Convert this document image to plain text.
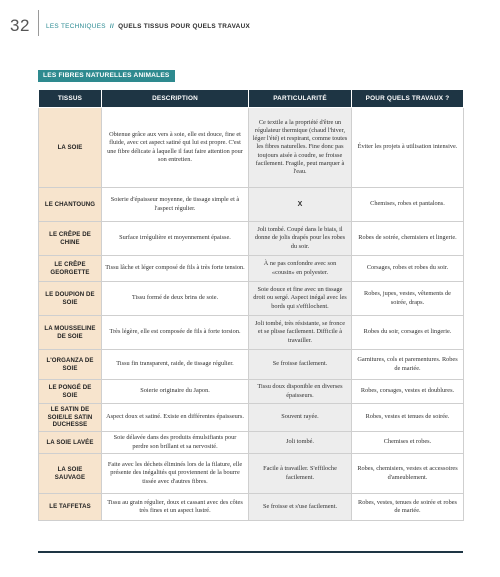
32	LES TECHNIQUES // QUELS TISSUS POUR QUELS TRAVAUX
LES FIBRES NATURELLES ANIMALES
TISSUS	DESCRIPTION	PARTICULARITÉ	POUR QUELS TRAVAUX ?
LA SOIE	Obtenue grâce aux vers à soie, elle est douce, fine et fluide, avec cet aspect satiné qui lui est propre. C'est une fibre délicate à laquelle il faut faire attention pour son entretien.	Ce textile a la propriété d'être un régulateur thermique (chaud l'hiver, léger l'été) et respirant, comme toutes les fibres naturelles. Fine donc pas toujours aisée à coudre, se froisse facilement. Fragile, peut marquer à l'eau.	Éviter les projets à utilisation intensive.
LE CHANTOUNG	Soierie d'épaisseur moyenne, de tissage simple et à l'aspect régulier.	X	Chemises, robes et pantalons.
LE CRÊPE DE CHINE	Surface irrégulière et moyennement épaisse.	Joli tombé. Coupé dans le biais, il donne de jolis drapés pour les robes du soir.	Robes de soirée, chemisiers et lingerie.
LE CRÊPE GEORGETTE	Tissu lâche et léger composé de fils à très forte tension.	À ne pas confondre avec son «cousin» en polyester.	Corsages, robes et robes du soir.
LE DOUPION DE SOIE	Tissu formé de deux brins de soie.	Soie douce et fine avec un tissage droit ou sergé. Aspect inégal avec les bords qui s'effilochent.	Robes, jupes, vestes, vêtements de soirée, draps.
LA MOUSSELINE DE SOIE	Très légère, elle est composée de fils à forte torsion.	Joli tombé, très résistante, se fronce et se plisse facilement. Difficile à travailler.	Robes du soir, corsages et lingerie.
L'ORGANZA DE SOIE	Tissu fin transparent, raide, de tissage régulier.	Se froisse facilement.	Garnitures, cols et parementures. Robes de mariée.
LE PONGÉ DE SOIE	Soierie originaire du Japon.	Tissu doux disponible en diverses épaisseurs.	Robes, corsages, vestes et doublures.
LE SATIN DE SOIE/LE SATIN DUCHESSE	Aspect doux et satiné. Existe en différentes épaisseurs.	Souvent rayée.	Robes, vestes et tenues de soirée.
LA SOIE LAVÉE	Soie délavée dans des produits émulsifiants pour perdre son brillant et sa nervosité.	Joli tombé.	Chemises et robes.
LA SOIE SAUVAGE	Faite avec les déchets éliminés lors de la filature, elle présente des inégalités qui proviennent de la bourre tissée avec d'autres fibres.	Facile à travailler. S'effiloche facilement.	Robes, chemisiers, vestes et accessoires d'ameublement.
LE TAFFETAS	Tissu au grain régulier, doux et cassant avec des côtes très fines et un aspect lustré.	Se froisse et s'use facilement.	Robes, vestes, tenues de soirée et robes de mariée.
